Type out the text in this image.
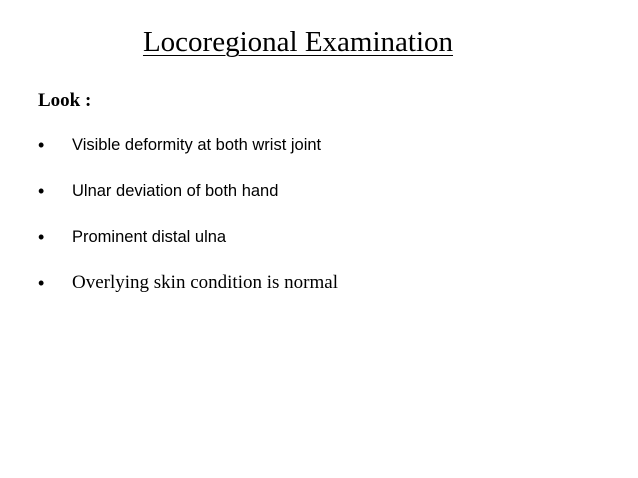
Locoregional Examination
Look :
• Visible deformity at both wrist joint
• Ulnar deviation of both hand
• Prominent distal ulna
• Overlying skin condition is normal
